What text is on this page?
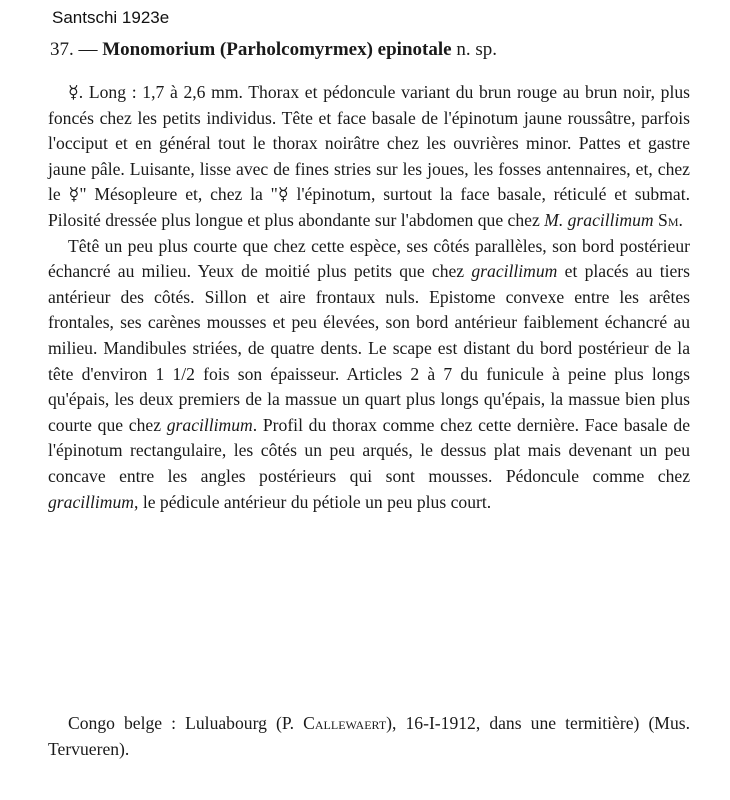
Santschi 1923e
37. — Monomorium (Parholcomyrmex) epinotale n. sp.

☿. Long : 1,7 à 2,6 mm. Thorax et pédoncule variant du brun rouge au brun noir, plus foncés chez les petits individus. Tête et face basale de l'épinotum jaune roussâtre, parfois l'occiput et en général tout le thorax noirâtre chez les ouvrières minor. Pattes et gastre jaune pâle. Luisante, lisse avec de fines stries sur les joues, les fosses antennaires, et, chez le ☿" Mésopleure et, chez la "☿ l'épinotum, surtout la face basale, réticulé et submat. Pilosité dressée plus longue et plus abondante sur l'abdomen que chez M. gracillimum Sm.

Têtê un peu plus courte que chez cette espèce, ses côtés parallèles, son bord postérieur échancré au milieu. Yeux de moitié plus petits que chez gracillimum et placés au tiers antérieur des côtés. Sillon et aire frontaux nuls. Epistome convexe entre les arêtes frontales, ses carènes mousses et peu élevées, son bord antérieur faiblement échancré au milieu. Mandibules striées, de quatre dents. Le scape est distant du bord postérieur de la tête d'environ 1 1/2 fois son épaisseur. Articles 2 à 7 du funicule à peine plus longs qu'épais, les deux premiers de la massue un quart plus longs qu'épais, la massue bien plus courte que chez gracillimum. Profil du thorax comme chez cette dernière. Face basale de l'épinotum rectangulaire, les côtés un peu arqués, le dessus plat mais devenant un peu concave entre les angles postérieurs qui sont mousses. Pédoncule comme chez gracillimum, le pédicule antérieur du pétiole un peu plus court.

Congo belge : Luluabourg (P. Callewaert), 16-I-1912, dans une termitière) (Mus. Tervueren).
